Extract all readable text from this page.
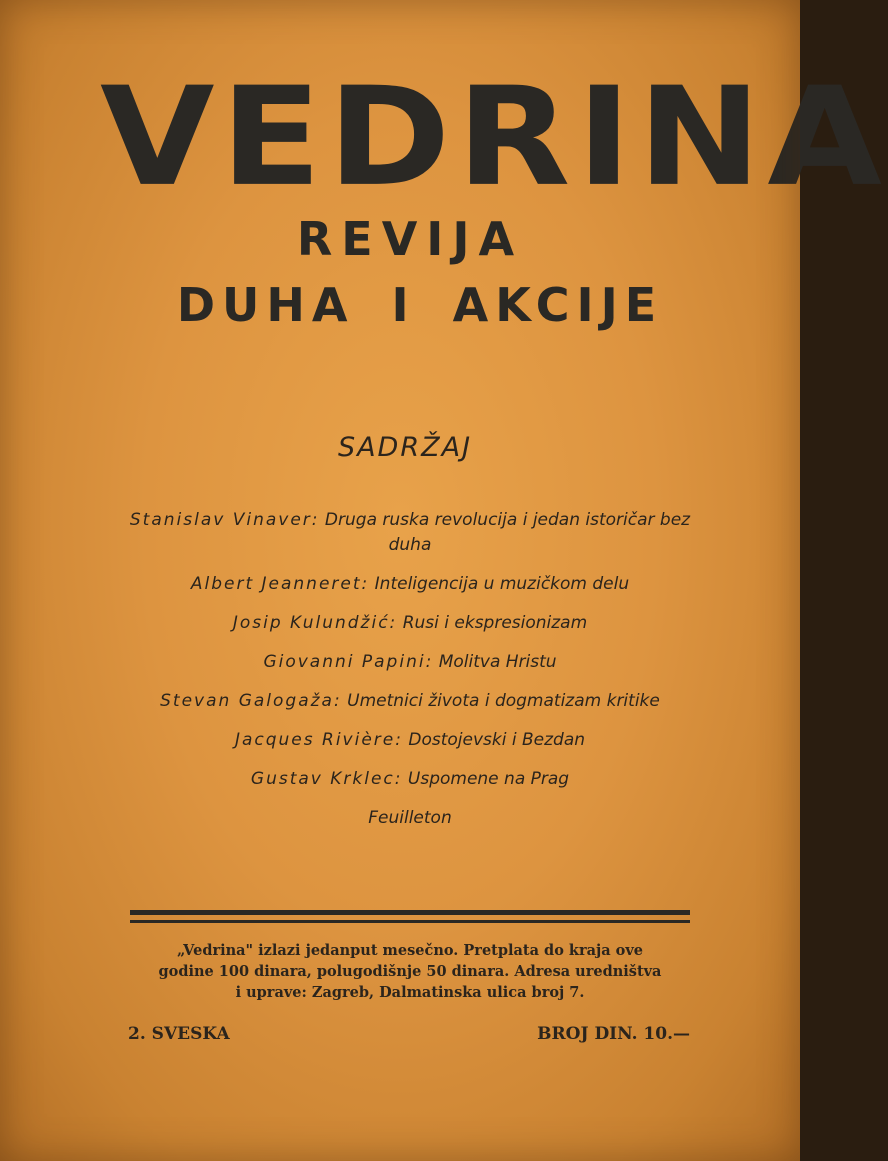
VEDRINA
REVIJA
DUHA I AKCIJE
SADRŽAJ
Stanislav Vinaver: Druga ruska revolucija i jedan istoričar bez duha
Albert Jeanneret: Inteligencija u muzičkom delu
Josip Kulundžić: Rusi i ekspresionizam
Giovanni Papini: Molitva Hristu
Stevan Galogaža: Umetnici života i dogmatizam kritike
Jacques Rivière: Dostojevski i Bezdan
Gustav Krklec: Uspomene na Prag
Feuilleton
„Vedrina" izlazi jedanput mesečno. Pretplata do kraja ove
godine 100 dinara, polugodišnje 50 dinara. Adresa uredništva
i uprave: Zagreb, Dalmatinska ulica broj 7.
2. SVESKA	BROJ DIN. 10.—
